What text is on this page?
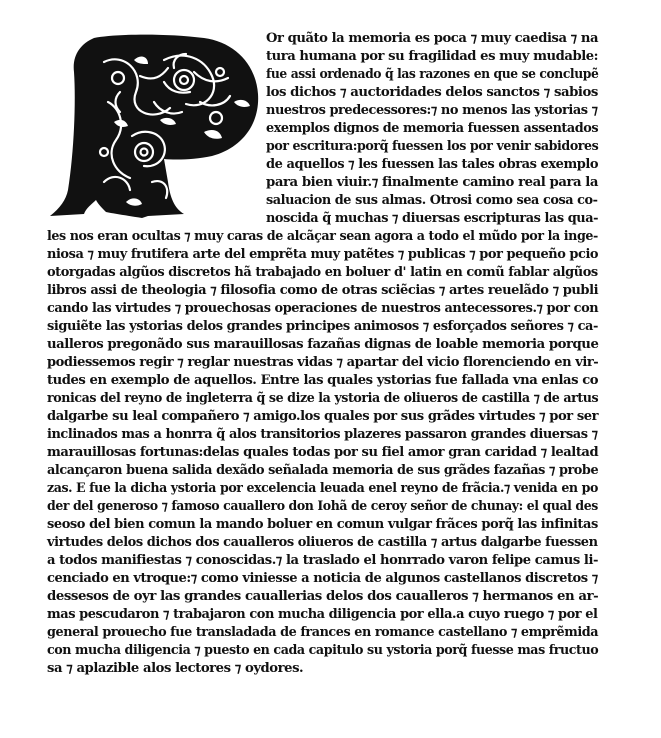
Or quãto la memoria es poca ⁊ muy caedisa ⁊ na
tura humana por su fragilidad es muy mudable:
fue assi ordenado q̃ las razones en que se conclupẽ
los dichos ⁊ auctoridades delos sanctos ⁊ sabios
nuestros predecessores:⁊ no menos las ystorias ⁊
exemplos dignos de memoria fuessen assentados
por escritura:porq̃ fuessen los por venir sabidores
de aquellos ⁊ les fuessen las tales obras exemplo
para bien viuir.⁊ finalmente camino real para la
saluacion de sus almas. Otrosi como sea cosa co-
noscida q̃ muchas ⁊ diuersas escripturas las qua-
les nos eran ocultas ⁊ muy caras de alcãçar sean agora a todo el mũdo por la inge-
niosa ⁊ muy frutifera arte del emprẽta muy patẽtes ⁊ publicas ⁊ por pequeño pcio
otorgadas algũos discretos hã trabajado en boluer d' latin en comũ fablar algũos
libros assi de theologia ⁊ filosofia como de otras sciẽcias ⁊ artes reuelãdo ⁊ publi
cando las virtudes ⁊ prouechosas operaciones de nuestros antecessores.⁊ por con
siguiẽte las ystorias delos grandes principes animosos ⁊ esforçados señores ⁊ ca-
ualleros pregonãdo sus marauillosas fazañas dignas de loable memoria porque
podiessemos regir ⁊ reglar nuestras vidas ⁊ apartar del vicio florenciendo en vir-
tudes en exemplo de aquellos. Entre las quales ystorias fue fallada vna enlas co
ronicas del reyno de ingleterra q̃ se dize la ystoria de oliueros de castilla ⁊ de artus
dalgarbe su leal compañero ⁊ amigo.los quales por sus grãdes virtudes ⁊ por ser
inclinados mas a honrra q̃ alos transitorios plazeres passaron grandes diuersas ⁊
marauillosas fortunas:delas quales todas por su fiel amor gran caridad ⁊ lealtad
alcançaron buena salida dexãdo señalada memoria de sus grãdes fazañas ⁊ probe
zas. E fue la dicha ystoria por excelencia leuada enel reyno de frãcia.⁊ venida en po
der del generoso ⁊ famoso cauallero don Iohã de ceroy señor de chunay: el qual des
seoso del bien comun la mando boluer en comun vulgar frãces porq̃ las infinitas
virtudes delos dichos dos caualleros oliueros de castilla ⁊ artus dalgarbe fuessen
a todos manifiestas ⁊ conoscidas.⁊ la traslado el honrrado varon felipe camus li-
cenciado en vtroque:⁊ como viniesse a noticia de algunos castellanos discretos ⁊
dessesos de oyr las grandes cauallerias delos dos caualleros ⁊ hermanos en ar-
mas pescudaron ⁊ trabajaron con mucha diligencia por ella.a cuyo ruego ⁊ por el
general prouecho fue transladada de frances en romance castellano ⁊ emprẽmida
con mucha diligencia ⁊ puesto en cada capitulo su ystoria porq̃ fuesse mas fructuo
sa ⁊ aplazible alos lectores ⁊ oydores.
